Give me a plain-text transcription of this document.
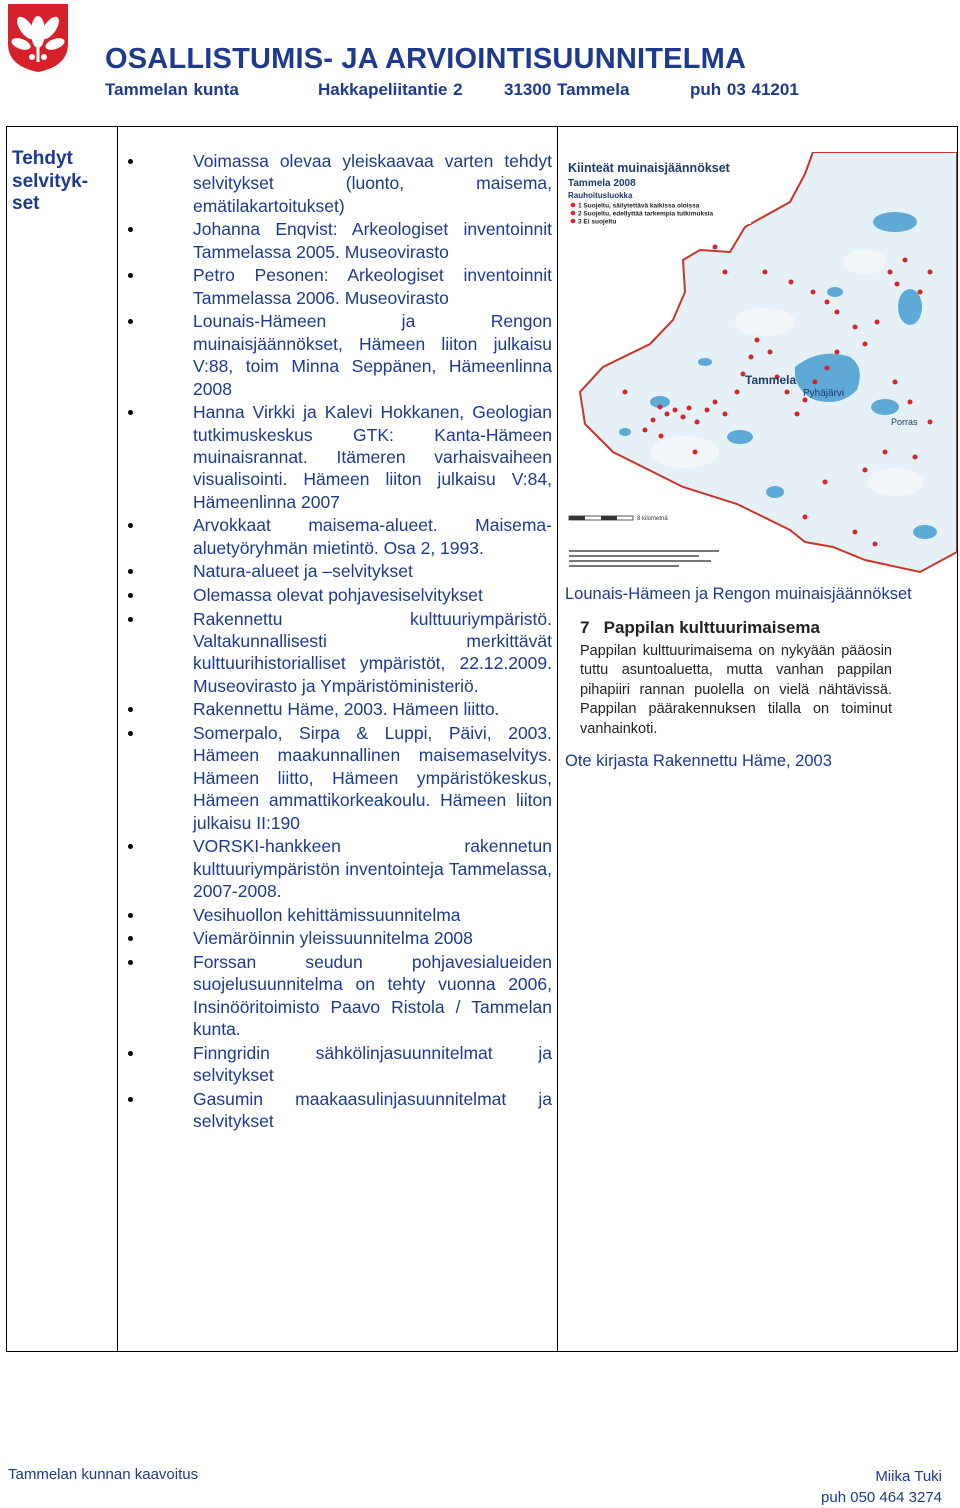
OSALLISTUMIS- JA ARVIOINTISUUNNITELMA
Tammelan kunta	Hakkapeliitantie 2 31300 Tammela	puh 03 41201
Tehdyt
selvityk-
set
Voimassa olevaa yleiskaavaa varten tehdyt selvitykset (luonto, maisema, emätilakartoitukset)
Johanna Enqvist: Arkeologiset inventoinnit Tammelassa 2005. Museovirasto
Petro Pesonen: Arkeologiset inventoinnit Tammelassa 2006. Museovirasto
Lounais-Hämeen ja Rengon muinaisjäännökset, Hämeen liiton julkaisu V:88, toim Minna Seppänen, Hämeenlinna 2008
Hanna Virkki ja Kalevi Hokkanen, Geologian tutkimuskeskus GTK: Kanta-Hämeen muinaisrannat. Itämeren varhaisvaiheen visualisointi. Hämeen liiton julkaisu V:84, Hämeenlinna 2007
Arvokkaat maisema-alueet. Maisema-aluetyöryhmän mietintö. Osa 2, 1993.
Natura-alueet ja –selvitykset
Olemassa olevat pohjavesiselvitykset
Rakennettu kulttuuriympäristö. Valtakunnallisesti merkittävät kulttuurihistorialliset ympäristöt, 22.12.2009. Museovirasto ja Ympäristöministeriö.
Rakennettu Häme, 2003. Hämeen liitto.
Somerpalo, Sirpa & Luppi, Päivi, 2003. Hämeen maakunnallinen maisemaselvitys. Hämeen liitto, Hämeen ympäristökeskus, Hämeen ammattikorkeakoulu. Hämeen liiton julkaisu II:190
VORSKI-hankkeen rakennetun kulttuuriympäristön inventointeja Tammelassa, 2007-2008.
Vesihuollon kehittämissuunnitelma
Viemäröinnin yleissuunnitelma 2008
Forssan seudun pohjavesialueiden suojelusuunnitelma on tehty vuonna 2006, Insinööritoimisto Paavo Ristola / Tammelan kunta.
Finngridin sähkölinjasuunnitelmat ja selvitykset
Gasumin maakaasulinjasuunnitelmat ja selvitykset
Kiinteät muinaisjäännökset
Tammela 2008
Rauhoitusluokka
1 Suojeltu, säilytettävä kaikissa oloissa
2 Suojeltu, edellyttää tarkempia tutkimuksia
3 Ei suojeltu
Tammela
Pyhäjärvi
Porras
8 kilometriä
Lounais-Hämeen ja Rengon muinaisjäännökset
7   Pappilan kulttuurimaisema
Pappilan kulttuurimaisema on nykyään pääosin tuttu asuntoaluetta, mutta vanhan pappilan pihapiiri rannan puolella on vielä nähtävissä. Pappilan päärakennuksen tilalla on toiminut vanhainkoti.
Ote kirjasta Rakennettu Häme, 2003
Tammelan kunnan kaavoitus	Miika Tuki
puh 050 464 3274
